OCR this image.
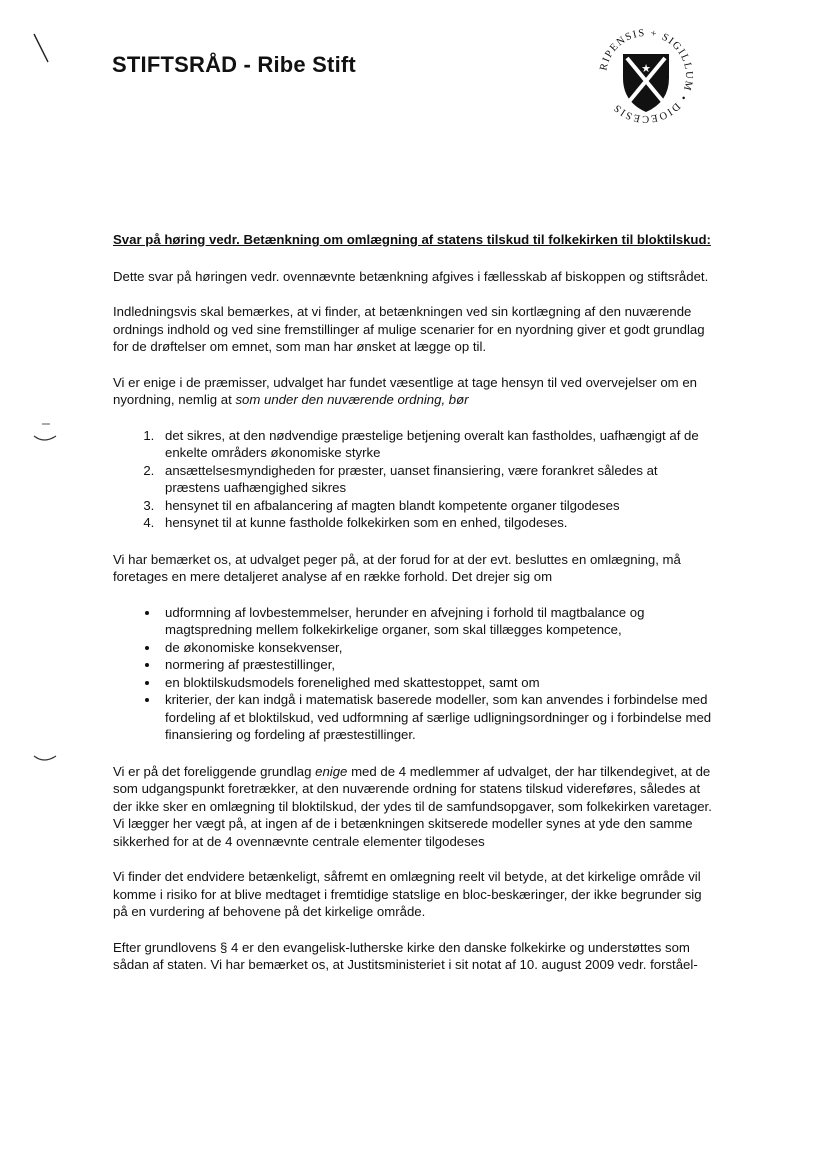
STIFTSRÅD - Ribe Stift	RIPENSIS + SIGILLUM • DIOECESIS
★

Svar på høring vedr. Betænkning om omlægning af statens tilskud til folkekirken til bloktilskud:

Dette svar på høringen vedr. ovennævnte betænkning afgives i fællesskab af biskoppen og stiftsrådet.

Indledningsvis skal bemærkes, at vi finder, at betænkningen ved sin kortlægning af den nuværende ordnings indhold og ved sine fremstillinger af mulige scenarier for en nyordning giver et godt grundlag for de drøftelser om emnet, som man har ønsket at lægge op til.

Vi er enige i de præmisser, udvalget har fundet væsentlige at tage hensyn til ved overvejelser om en nyordning, nemlig at som under den nuværende ordning, bør

1. det sikres, at den nødvendige præstelige betjening overalt kan fastholdes, uafhængigt af de enkelte områders økonomiske styrke
2. ansættelsesmyndigheden for præster, uanset finansiering, være forankret således at præstens uafhængighed sikres
3. hensynet til en afbalancering af magten blandt kompetente organer tilgodeses
4. hensynet til at kunne fastholde folkekirken som en enhed, tilgodeses.

Vi har bemærket os, at udvalget peger på, at der forud for at der evt. besluttes en omlægning, må foretages en mere detaljeret analyse af en række forhold. Det drejer sig om

• udformning af lovbestemmelser, herunder en afvejning i forhold til magtbalance og magtspredning mellem folkekirkelige organer, som skal tillægges kompetence,
• de økonomiske konsekvenser,
• normering af præstestillinger,
• en bloktilskudsmodels forenelighed med skattestoppet, samt om
• kriterier, der kan indgå i matematisk baserede modeller, som kan anvendes i forbindelse med fordeling af et bloktilskud, ved udformning af særlige udligningsordninger og i forbindelse med finansiering og fordeling af præstestillinger.

Vi er på det foreliggende grundlag enige med de 4 medlemmer af udvalget, der har tilkendegivet, at de som udgangspunkt foretrækker, at den nuværende ordning for statens tilskud videreføres, således at der ikke sker en omlægning til bloktilskud, der ydes til de samfundsopgaver, som folkekirken varetager.

Vi lægger her vægt på, at ingen af de i betænkningen skitserede modeller synes at yde den samme sikkerhed for at de 4 ovennævnte centrale elementer tilgodeses

Vi finder det endvidere betænkeligt, såfremt en omlægning reelt vil betyde, at det kirkelige område vil komme i risiko for at blive medtaget i fremtidige statslige en bloc-beskæringer, der ikke begrunder sig på en vurdering af behovene på det kirkelige område.

Efter grundlovens § 4 er den evangelisk-lutherske kirke den danske folkekirke og understøttes som sådan af staten. Vi har bemærket os, at Justitsministeriet i sit notat af 10. august 2009 vedr. forståel-
